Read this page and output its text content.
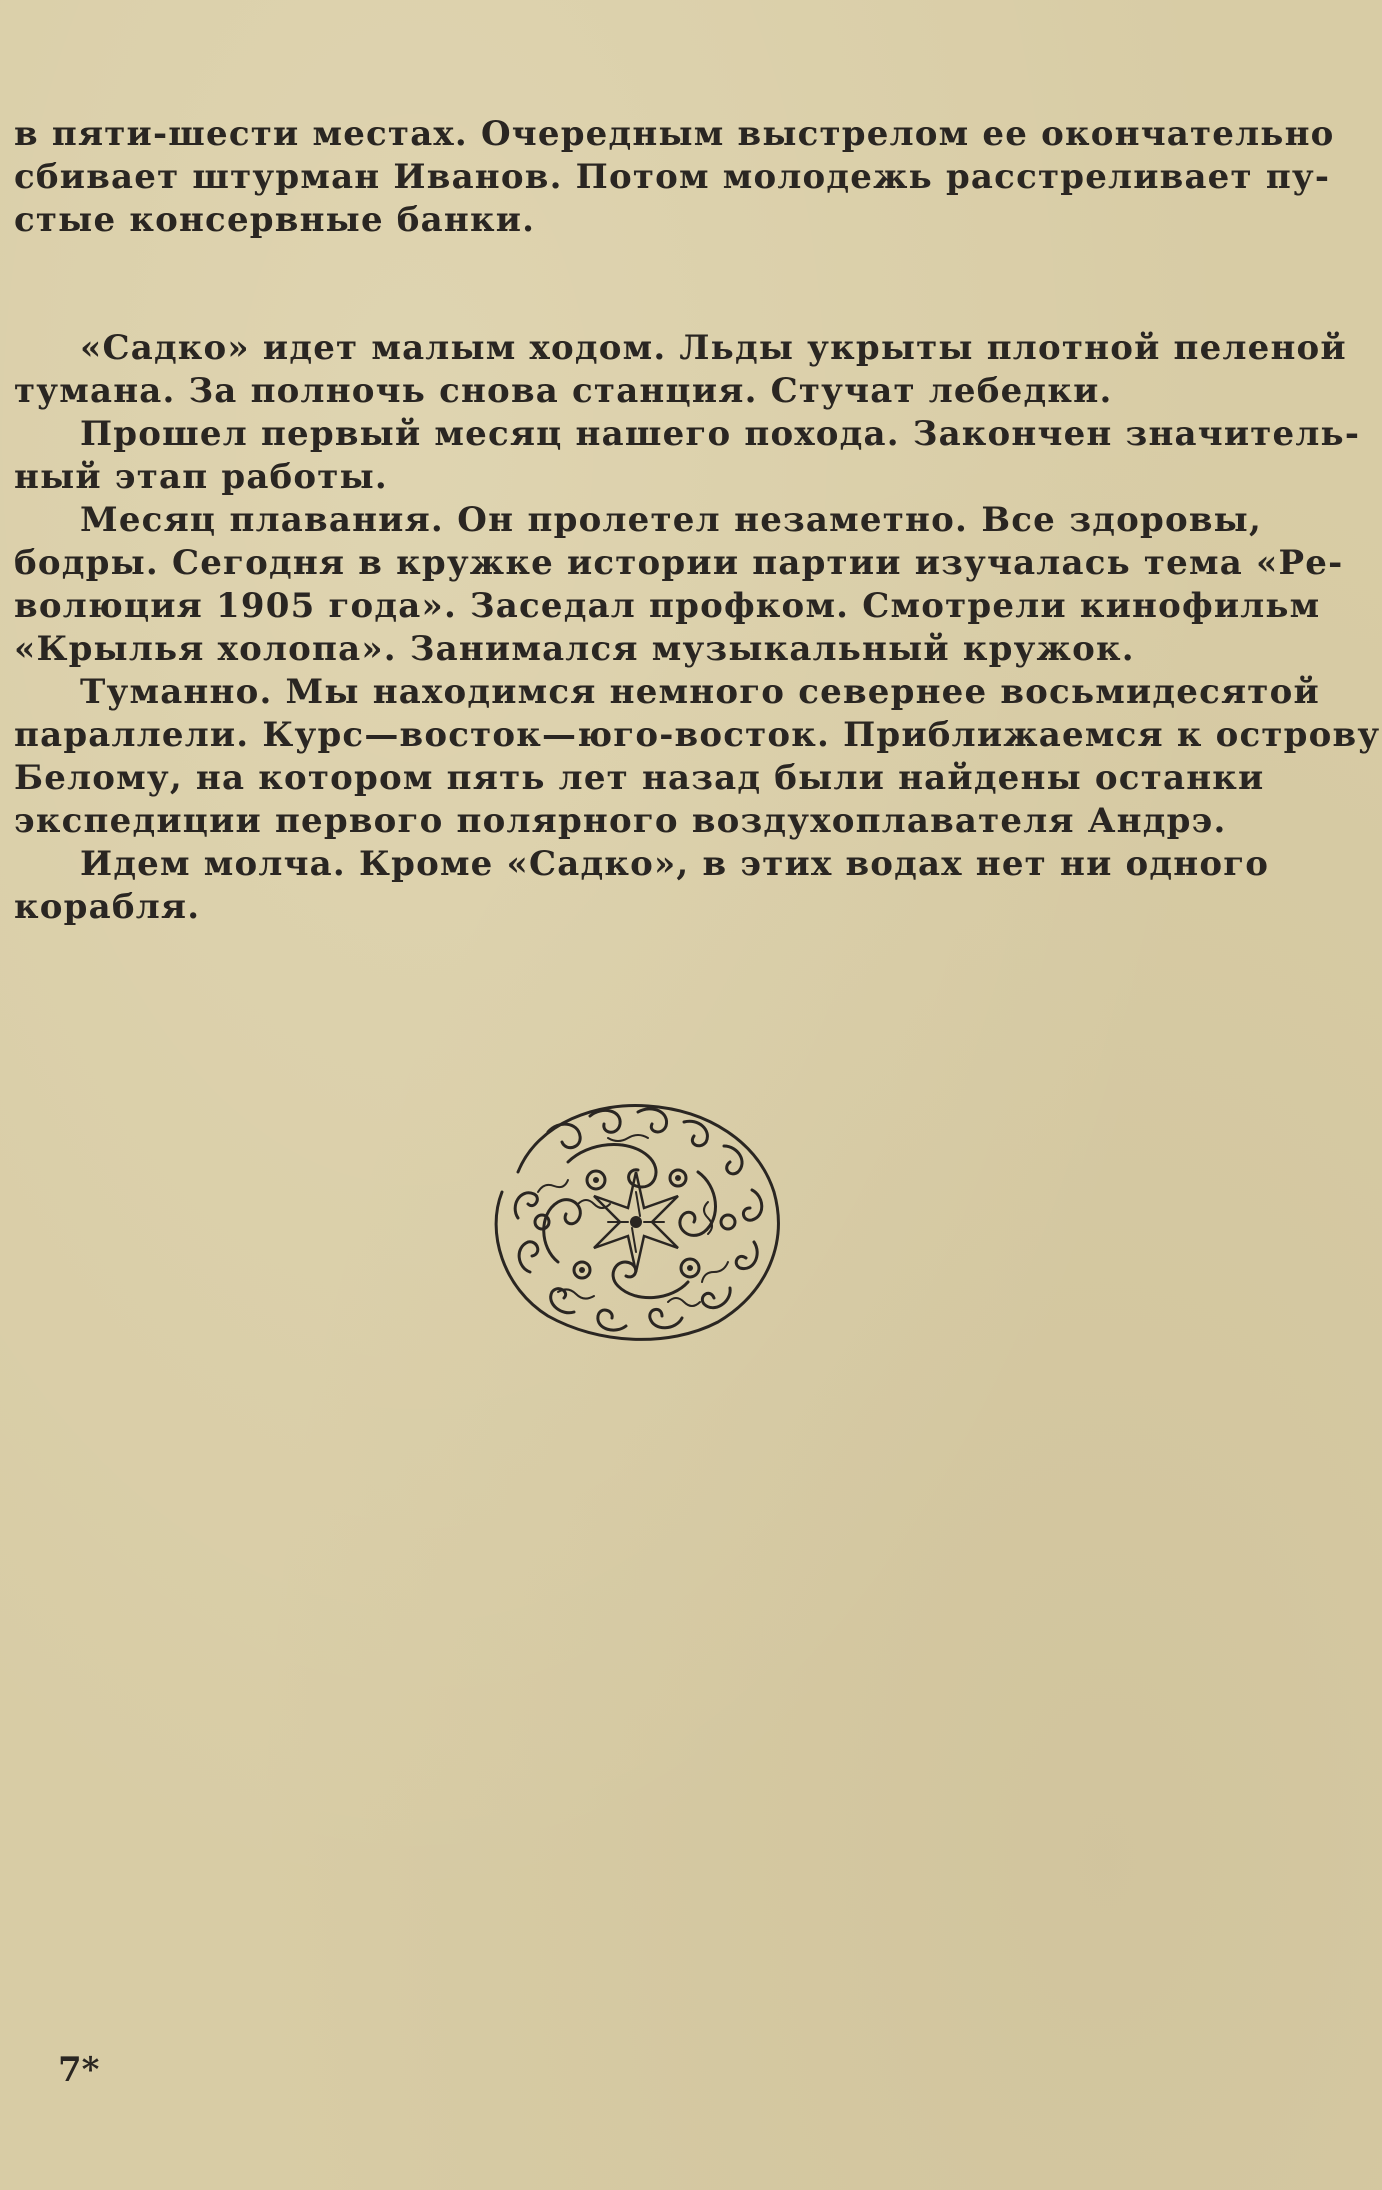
в пяти-шести местах. Очередным выстрелом ее окончательно
сбивает штурман Иванов. Потом молодежь расстреливает пу-
стые консервные банки.
«Садко» идет малым ходом. Льды укрыты плотной пеленой
тумана. За полночь снова станция. Стучат лебедки.
Прошел первый месяц нашего похода. Закончен значитель-
ный этап работы.
Месяц плавания. Он пролетел незаметно. Все здоровы,
бодры. Сегодня в кружке истории партии изучалась тема «Ре-
волюция 1905 года». Заседал профком. Смотрели кинофильм
«Крылья холопа». Занимался музыкальный кружок.
Туманно. Мы находимся немного севернее восьмидесятой
параллели. Курс—восток—юго-восток. Приближаемся к острову
Белому, на котором пять лет назад были найдены останки
экспедиции первого полярного воздухоплавателя Андрэ.
Идем молча. Кроме «Садко», в этих водах нет ни одного
корабля.
7*
